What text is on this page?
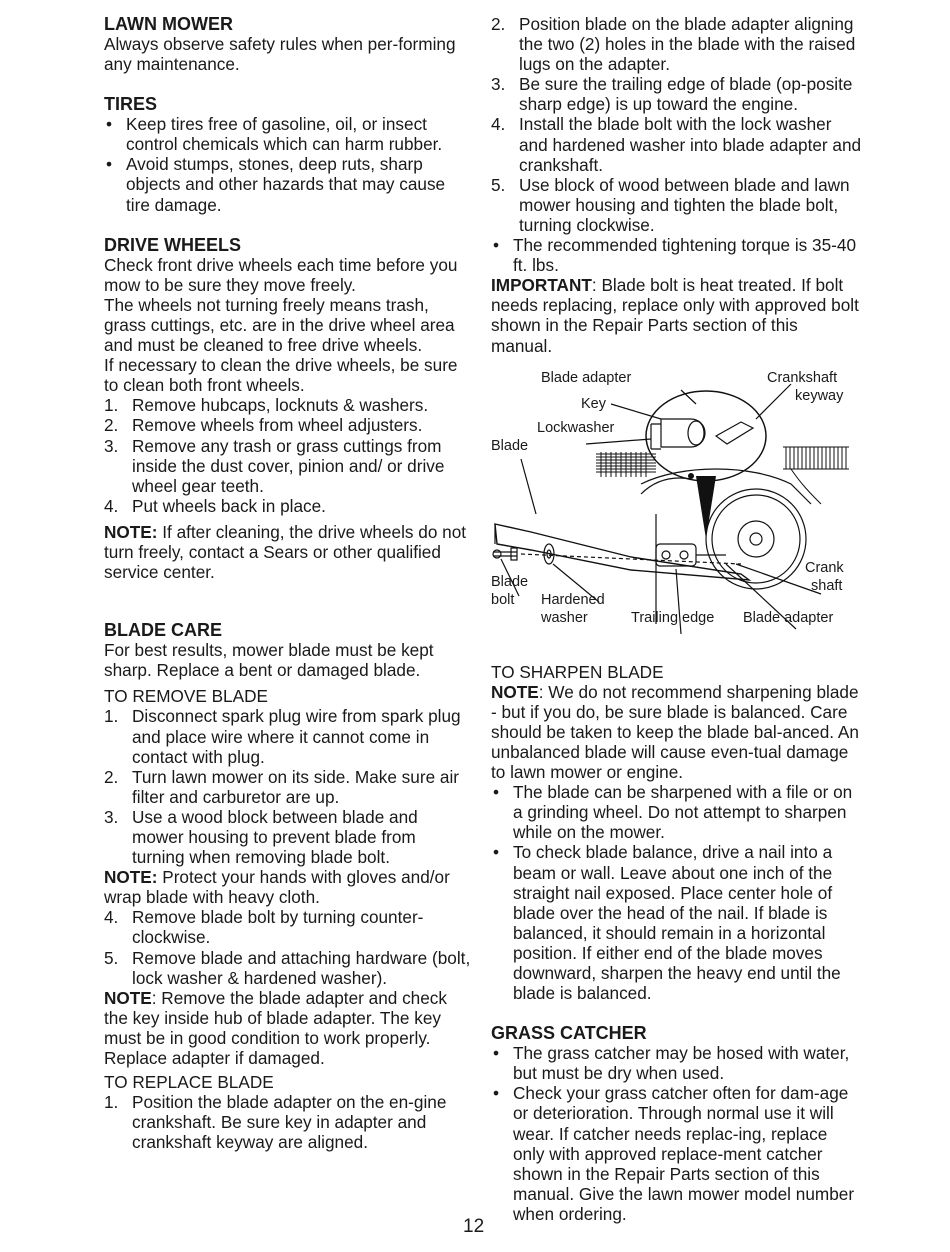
LAWN MOWER

Always observe safety rules when per-forming any maintenance.

TIRES

• Keep tires free of gasoline, oil, or insect control chemicals which can harm rubber.
• Avoid stumps, stones, deep ruts, sharp objects and other hazards that may cause tire damage.

DRIVE WHEELS

Check front drive wheels each time before you mow to be sure they move freely.

The wheels not turning freely means trash, grass cuttings, etc. are in the drive wheel area and must be cleaned to free drive wheels.

If necessary to clean the drive wheels, be sure to clean both front wheels.

1. Remove hubcaps, locknuts & washers.
2. Remove wheels from wheel adjusters.
3. Remove any trash or grass cuttings from inside the dust cover, pinion and/ or drive wheel gear teeth.
4. Put wheels back in place.

NOTE: If after cleaning, the drive wheels do not turn freely, contact a Sears or other qualified service center.

BLADE CARE

For best results, mower blade must be kept sharp. Replace a bent or damaged blade.

TO REMOVE BLADE

1. Disconnect spark plug wire from spark plug and place wire where it cannot come in contact with plug.
2. Turn lawn mower on its side. Make sure air filter and carburetor are up.
3. Use a wood block between blade and mower housing to prevent blade from turning when removing blade bolt.

NOTE: Protect your hands with gloves and/or wrap blade with heavy cloth.

4. Remove blade bolt by turning counter-clockwise.
5. Remove blade and attaching hardware (bolt, lock washer & hardened washer).

NOTE: Remove the blade adapter and check the key inside hub of blade adapter. The key must be in good condition to work properly. Replace adapter if damaged.

TO REPLACE BLADE

1. Position the blade adapter on the en-gine crankshaft. Be sure key in adapter and crankshaft keyway are aligned.
2. Position blade on the blade adapter aligning the two (2) holes in the blade with the raised lugs on the adapter.
3. Be sure the trailing edge of blade (op-posite sharp edge) is up toward the engine.
4. Install the blade bolt with the lock washer and hardened washer into blade adapter and crankshaft.
5. Use block of wood between blade and lawn mower housing and tighten the blade bolt, turning clockwise.
• The recommended tightening torque is 35-40 ft. lbs.

IMPORTANT: Blade bolt is heat treated. If bolt needs replacing, replace only with approved bolt shown in the Repair Parts section of this manual.

Blade adapter	Crankshaft
keyway
Key
Lockwasher
Blade
Blade
bolt Hardened
washer	Trailing edge
Crank
shaft
Blade adapter

TO SHARPEN BLADE

NOTE: We do not recommend sharpening blade - but if you do, be sure blade is balanced. Care should be taken to keep the blade bal-anced. An unbalanced blade will cause even-tual damage to lawn mower or engine.

• The blade can be sharpened with a file or on a grinding wheel. Do not attempt to sharpen while on the mower.
• To check blade balance, drive a nail into a beam or wall. Leave about one inch of the straight nail exposed. Place center hole of blade over the head of the nail. If blade is balanced, it should remain in a horizontal position. If either end of the blade moves downward, sharpen the heavy end until the blade is balanced.

GRASS CATCHER

• The grass catcher may be hosed with water, but must be dry when used.
• Check your grass catcher often for dam-age or deterioration. Through normal use it will wear. If catcher needs replac-ing, replace only with approved replace-ment catcher shown in the Repair Parts section of this manual. Give the lawn mower model number when ordering.
12
